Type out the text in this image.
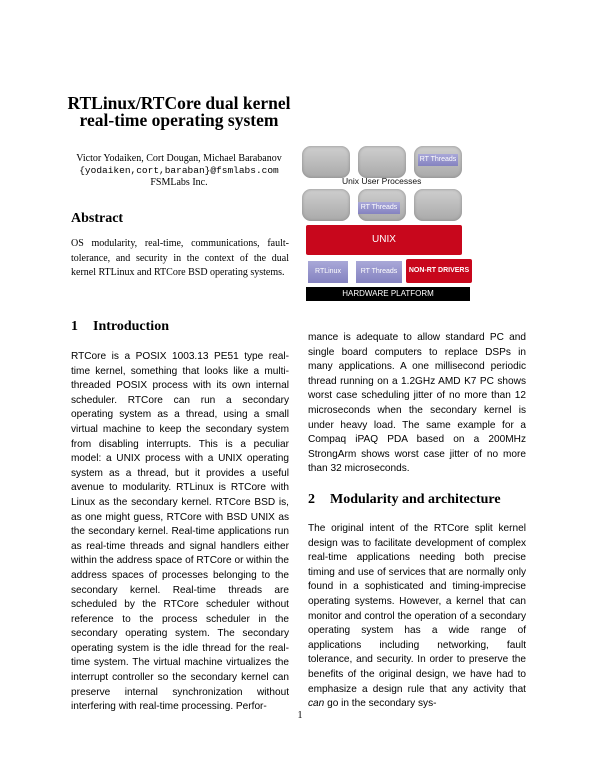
RTLinux/RTCore dual kernel real-time operating system
Victor Yodaiken, Cort Dougan, Michael Barabanov
{yodaiken,cort,baraban}@fsmlabs.com
FSMLabs Inc.
Abstract
OS modularity, real-time, communications, fault-tolerance, and security in the context of the dual kernel RTLinux and RTCore BSD operating systems.
RT Threads
Unix User Processes
RT Threads
UNIX
RTLinux	RT Threads	NON-RT DRIVERS
HARDWARE PLATFORM
1 Introduction

RTCore is a POSIX 1003.13 PE51 type real-time kernel, something that looks like a multi-threaded POSIX process with its own internal scheduler. RTCore can run a secondary operating system as a thread, using a small virtual machine to keep the secondary system from disabling interrupts. This is a peculiar model: a UNIX process with a UNIX operating system as a thread, but it provides a useful avenue to modularity. RTLinux is RTCore with Linux as the secondary kernel. RTCore BSD is, as one might guess, RTCore with BSD UNIX as the secondary kernel. Real-time applications run as real-time threads and signal handlers either within the address space of RTCore or within the address spaces of processes belonging to the secondary kernel. Real-time threads are scheduled by the RTCore scheduler without reference to the process scheduler in the secondary operating system. The secondary operating system is the idle thread for the real-time system. The virtual machine virtualizes the interrupt controller so the secondary kernel can preserve internal synchronization without interfering with real-time processing. Perfor-

mance is adequate to allow standard PC and single board computers to replace DSPs in many applications. A one millisecond periodic thread running on a 1.2GHz AMD K7 PC shows worst case scheduling jitter of no more than 12 microseconds when the secondary kernel is under heavy load. The same example for a Compaq iPAQ PDA based on a 200MHz StrongArm shows worst case jitter of no more than 32 microseconds.

2 Modularity and architecture

The original intent of the RTCore split kernel design was to facilitate development of complex real-time applications needing both precise timing and use of services that are normally only found in a sophisticated and timing-imprecise operating systems. However, a kernel that can monitor and control the operation of a secondary operating system has a wide range of applications including networking, fault tolerance, and security. In order to preserve the benefits of the original design, we have had to emphasize a design rule that any activity that can go in the secondary sys-

1
